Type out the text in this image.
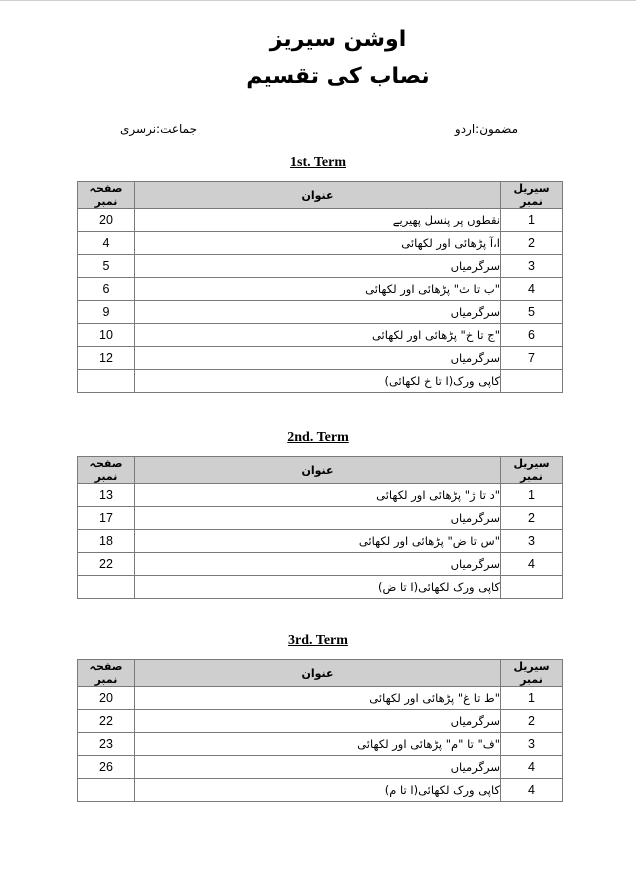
اوشن سیریز
نصاب کی تقسیم
مضمون:اردو
جماعت:نرسری
1st. Term
صفحہ نمبر	عنوان	سیریل نمبر
20	نقطوں پر پنسل پھیریے	1
4	ا،آ پڑھائی اور لکھائی	2
5	سرگرمیاں	3
6	"ب تا ث" پڑھائی اور لکھائی	4
9	سرگرمیاں	5
10	"ج تا خ" پڑھائی اور لکھائی	6
12	سرگرمیاں	7
	کاپی ورک(ا تا خ لکھائی)	
2nd. Term
صفحہ نمبر	عنوان	سیریل نمبر
13	"د تا ژ" پڑھائی اور لکھائی	1
17	سرگرمیاں	2
18	"س تا ض" پڑھائی اور لکھائی	3
22	سرگرمیاں	4
	کاپی ورک لکھائی(ا تا ض)	
3rd. Term
صفحہ نمبر	عنوان	سیریل نمبر
20	"ط تا غ" پڑھائی اور لکھائی	1
22	سرگرمیاں	2
23	"ف" تا "م" پڑھائی اور لکھائی	3
26	سرگرمیاں	4
	کاپی ورک لکھائی(ا تا م)	4
